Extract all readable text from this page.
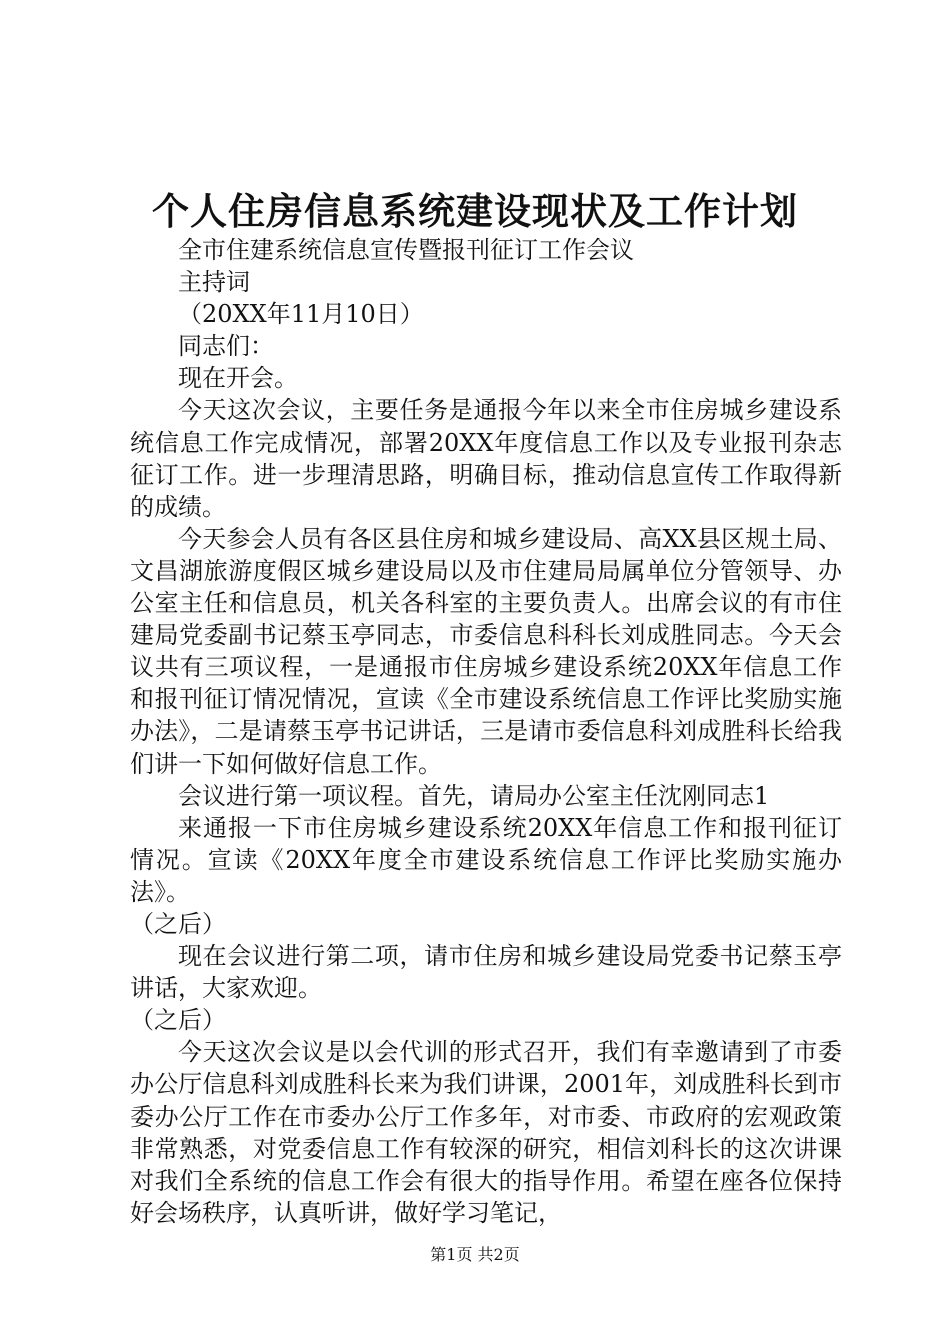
个人住房信息系统建设现状及工作计划

全市住建系统信息宣传暨报刊征订工作会议

主持词

（20XX年11月10日）

同志们：

现在开会。

今天这次会议，主要任务是通报今年以来全市住房城乡建设系统信息工作完成情况，部署20XX年度信息工作以及专业报刊杂志征订工作。进一步理清思路，明确目标，推动信息宣传工作取得新的成绩。

今天参会人员有各区县住房和城乡建设局、高XX县区规土局、文昌湖旅游度假区城乡建设局以及市住建局局属单位分管领导、办公室主任和信息员，机关各科室的主要负责人。出席会议的有市住建局党委副书记蔡玉亭同志，市委信息科科长刘成胜同志。今天会议共有三项议程，一是通报市住房城乡建设系统20XX年信息工作和报刊征订情况情况，宣读《全市建设系统信息工作评比奖励实施办法》，二是请蔡玉亭书记讲话，三是请市委信息科刘成胜科长给我们讲一下如何做好信息工作。

会议进行第一项议程。首先，请局办公室主任沈刚同志1

来通报一下市住房城乡建设系统20XX年信息工作和报刊征订情况。宣读《20XX年度全市建设系统信息工作评比奖励实施办法》。

（之后）

现在会议进行第二项，请市住房和城乡建设局党委书记蔡玉亭讲话，大家欢迎。

（之后）

今天这次会议是以会代训的形式召开，我们有幸邀请到了市委办公厅信息科刘成胜科长来为我们讲课，2001年，刘成胜科长到市委办公厅工作在市委办公厅工作多年，对市委、市政府的宏观政策非常熟悉，对党委信息工作有较深的研究，相信刘科长的这次讲课对我们全系统的信息工作会有很大的指导作用。希望在座各位保持好会场秩序，认真听讲，做好学习笔记，

第1页 共2页
